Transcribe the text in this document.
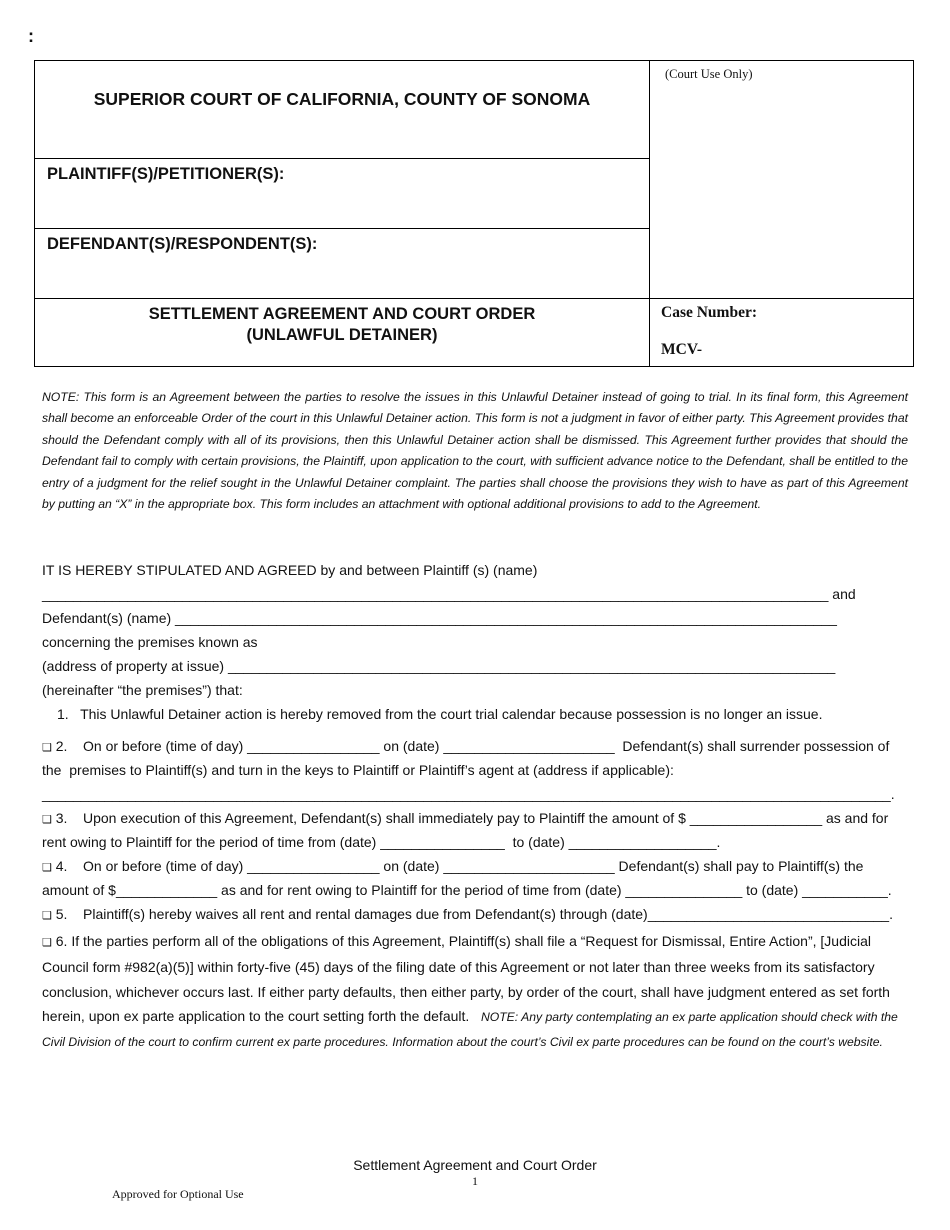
:
SUPERIOR COURT OF CALIFORNIA, COUNTY OF SONOMA
PLAINTIFF(S)/PETITIONER(S):
DEFENDANT(S)/RESPONDENT(S):
(Court Use Only)
SETTLEMENT AGREEMENT AND COURT ORDER
(UNLAWFUL DETAINER)
Case Number:
MCV-
NOTE: This form is an Agreement between the parties to resolve the issues in this Unlawful Detainer instead of going to trial. In its final form, this Agreement shall become an enforceable Order of the court in this Unlawful Detainer action. This form is not a judgment in favor of either party. This Agreement provides that should the Defendant comply with all of its provisions, then this Unlawful Detainer action shall be dismissed. This Agreement further provides that should the Defendant fail to comply with certain provisions, the Plaintiff, upon application to the court, with sufficient advance notice to the Defendant, shall be entitled to the entry of a judgment for the relief sought in the Unlawful Detainer complaint. The parties shall choose the provisions they wish to have as part of this Agreement by putting an “X” in the appropriate box. This form includes an attachment with optional additional provisions to add to the Agreement.
IT IS HEREBY STIPULATED AND AGREED by and between Plaintiff (s) (name)
_____________________________________________________________________________________________________ and
Defendant(s) (name) _____________________________________________________________________________________
concerning the premises known as
(address of property at issue) ______________________________________________________________________________
(hereinafter “the premises”) that:
1.   This Unlawful Detainer action is hereby removed from the court trial calendar because possession is no longer an issue.
❑ 2.    On or before (time of day) _________________ on (date) ______________________  Defendant(s) shall surrender possession of
the  premises to Plaintiff(s) and turn in the keys to Plaintiff or Plaintiff’s agent at (address if applicable):
_____________________________________________________________________________________________________________.
❑ 3.    Upon execution of this Agreement, Defendant(s) shall immediately pay to Plaintiff the amount of $ _________________ as and for
rent owing to Plaintiff for the period of time from (date) ________________  to (date) ___________________.
❑ 4.    On or before (time of day) _________________ on (date) ______________________ Defendant(s) shall pay to Plaintiff(s) the
amount of $_____________ as and for rent owing to Plaintiff for the period of time from (date) _______________ to (date) ___________.
❑ 5.    Plaintiff(s) hereby waives all rent and rental damages due from Defendant(s) through (date)_______________________________.
❑ 6. If the parties perform all of the obligations of this Agreement, Plaintiff(s) shall file a “Request for Dismissal, Entire Action”, [Judicial Council form #982(a)(5)] within forty-five (45) days of the filing date of this Agreement or not later than three weeks from its satisfactory conclusion, whichever occurs last. If either party defaults, then either party, by order of the court, shall have judgment entered as set forth herein, upon ex parte application to the court setting forth the default. NOTE: Any party contemplating an ex parte application should check with the Civil Division of the court to confirm current ex parte procedures. Information about the court’s Civil ex parte procedures can be found on the court’s website.
Settlement Agreement and Court Order
1
Approved for Optional Use
